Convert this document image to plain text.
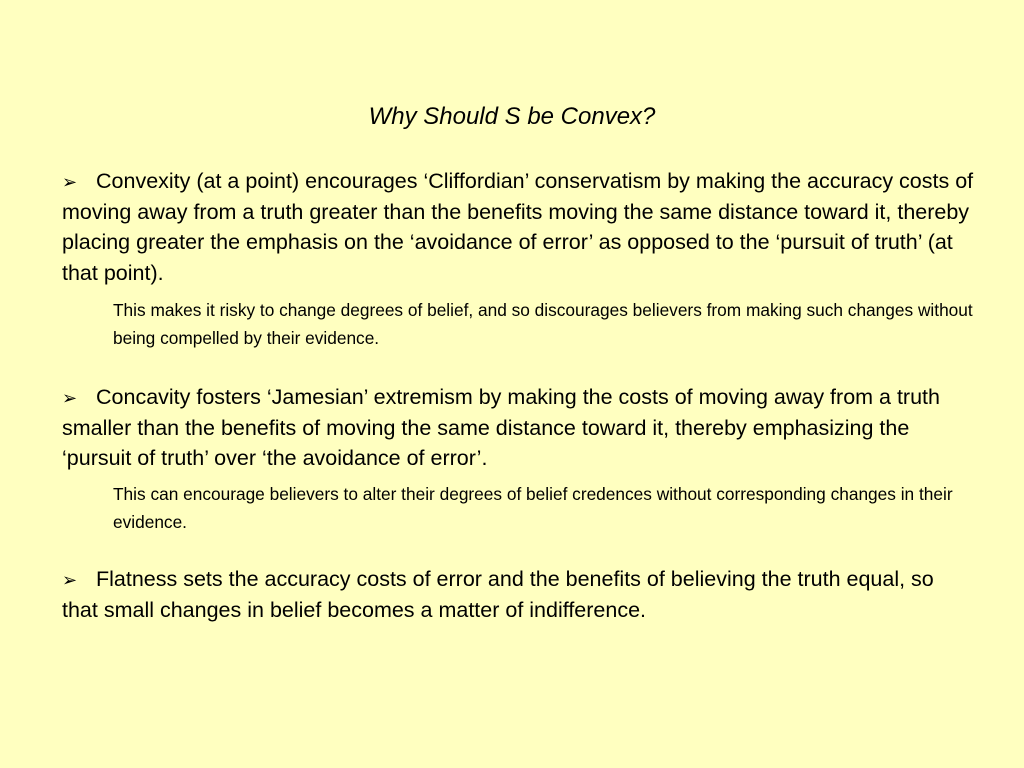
Why Should S be Convex?

➢ Convexity (at a point) encourages ‘Cliffordian’ conservatism by making the accuracy costs of moving away from a truth greater than the benefits moving the same distance toward it, thereby placing greater the emphasis on the ‘avoidance of error’ as opposed to the ‘pursuit of truth’ (at that point).

This makes it risky to change degrees of belief, and so discourages believers from making such changes without being compelled by their evidence.

➢ Concavity fosters ‘Jamesian’ extremism by making the costs of moving away from a truth smaller than the benefits of moving the same distance toward it, thereby emphasizing the ‘pursuit of truth’ over ‘the avoidance of error’.

This can encourage believers to alter their degrees of belief credences without corresponding changes in their evidence.

➢ Flatness sets the accuracy costs of error and the benefits of believing the truth equal, so that small changes in belief becomes a matter of indifference.
